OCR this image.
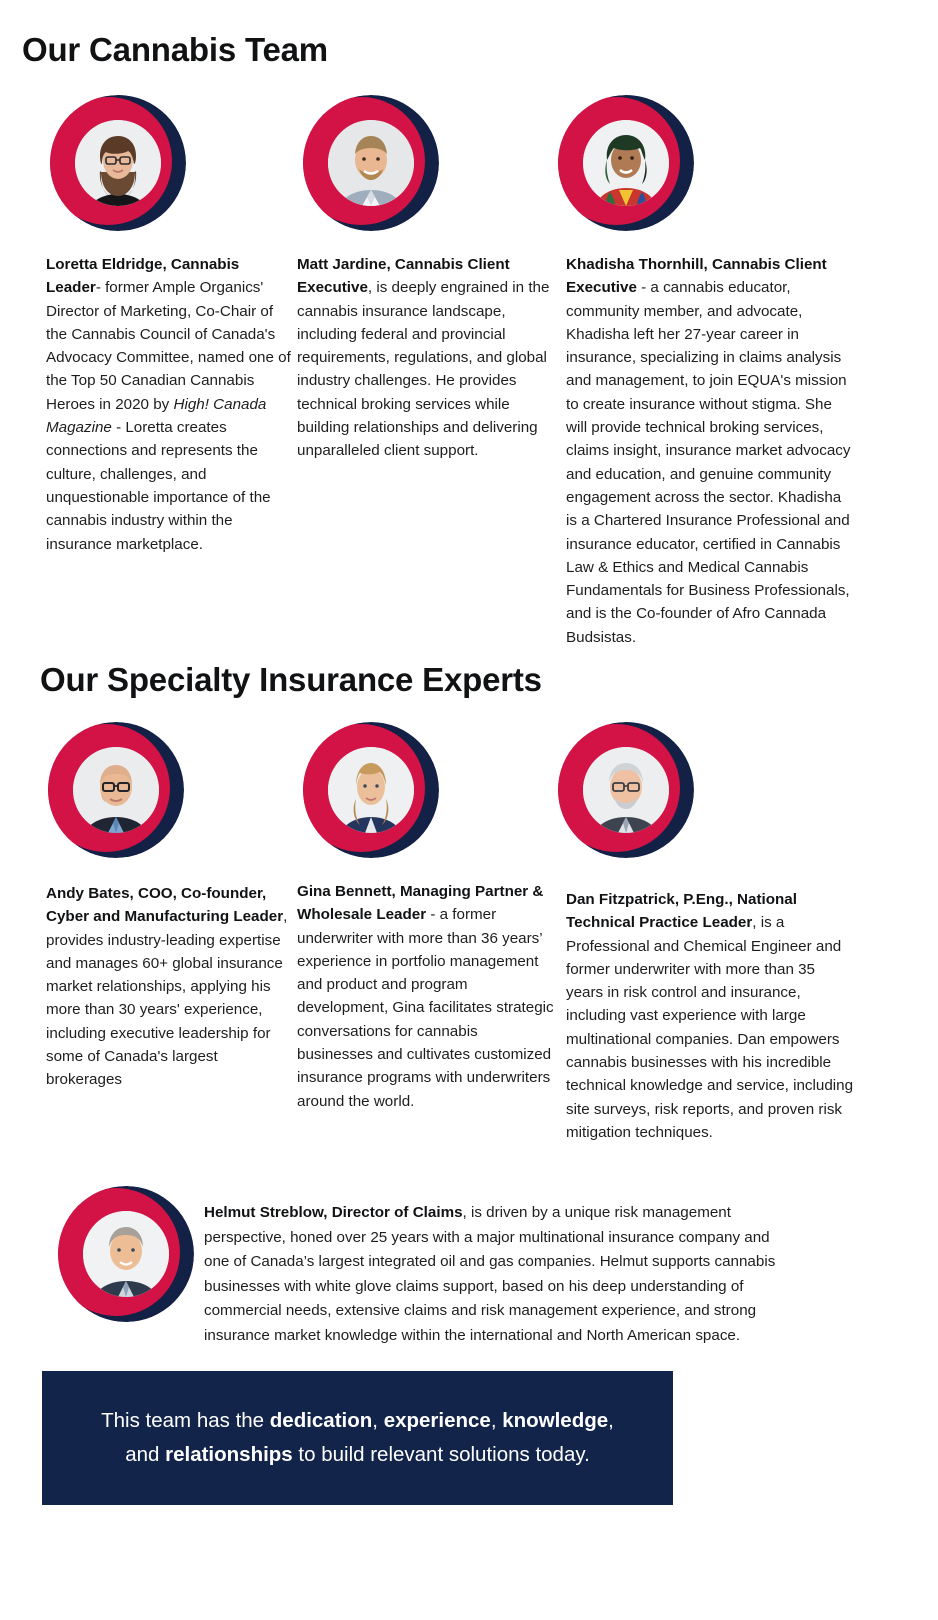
Our Cannabis Team

Loretta Eldridge, Cannabis Leader- former Ample Organics' Director of Marketing, Co-Chair of the Cannabis Council of Canada's Advocacy Committee, named one of the Top 50 Canadian Cannabis Heroes in 2020 by High! Canada Magazine - Loretta creates connections and represents the culture, challenges, and unquestionable importance of the cannabis industry within the insurance marketplace.

Matt Jardine, Cannabis Client Executive, is deeply engrained in the cannabis insurance landscape, including federal and provincial requirements, regulations, and global industry challenges. He provides technical broking services while building relationships and delivering unparalleled client support.

Khadisha Thornhill, Cannabis Client Executive - a cannabis educator, community member, and advocate, Khadisha left her 27-year career in insurance, specializing in claims analysis and management, to join EQUA's mission to create insurance without stigma. She will provide technical broking services, claims insight, insurance market advocacy and education, and genuine community engagement across the sector. Khadisha is a Chartered Insurance Professional and insurance educator, certified in Cannabis Law & Ethics and Medical Cannabis Fundamentals for Business Professionals, and is the Co-founder of Afro Cannada Budsistas.

Our Specialty Insurance Experts

Andy Bates, COO, Co-founder, Cyber and Manufacturing Leader, provides industry-leading expertise and manages 60+ global insurance market relationships, applying his more than 30 years' experience, including executive leadership for some of Canada's largest brokerages

Gina Bennett, Managing Partner & Wholesale Leader - a former underwriter with more than 36 years’ experience in portfolio management and product and program development, Gina facilitates strategic conversations for cannabis businesses and cultivates customized insurance programs with underwriters around the world.

Dan Fitzpatrick, P.Eng., National Technical Practice Leader, is a Professional and Chemical Engineer and former underwriter with more than 35 years in risk control and insurance, including vast experience with large multinational companies. Dan empowers cannabis businesses with his incredible technical knowledge and service, including site surveys, risk reports, and proven risk mitigation techniques.

Helmut Streblow, Director of Claims, is driven by a unique risk management perspective, honed over 25 years with a major multinational insurance company and one of Canada’s largest integrated oil and gas companies. Helmut supports cannabis businesses with white glove claims support, based on his deep understanding of commercial needs, extensive claims and risk management experience, and strong insurance market knowledge within the international and North American space.

This team has the dedication, experience, knowledge, and relationships to build relevant solutions today.
